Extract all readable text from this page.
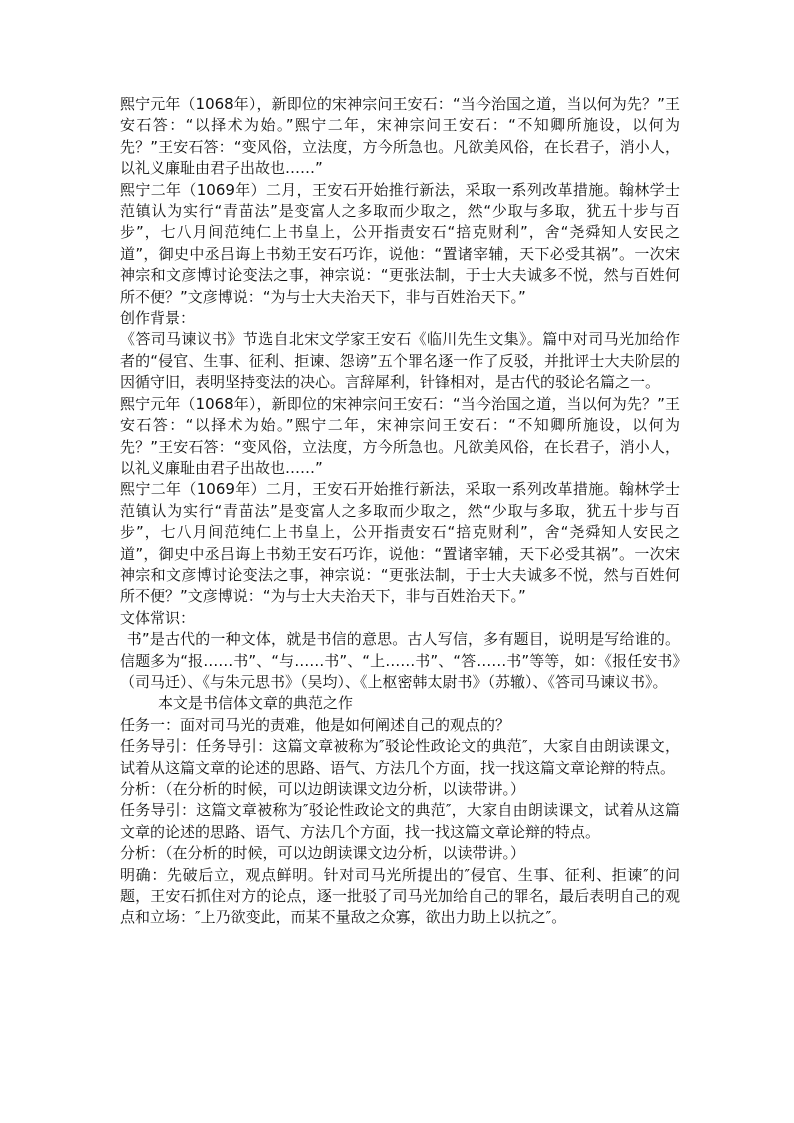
熙宁元年（1068年），新即位的宋神宗问王安石：“当今治国之道，当以何为先？”王安石答：“以择术为始。”熙宁二年，宋神宗问王安石：“不知卿所施设，以何为先？”王安石答：“变风俗，立法度，方今所急也。凡欲美风俗，在长君子，消小人，以礼义廉耻由君子出故也……”

熙宁二年（1069年）二月，王安石开始推行新法，采取一系列改革措施。翰林学士范镇认为实行“青苗法”是变富人之多取而少取之，然“少取与多取，犹五十步与百步”，七八月间范纯仁上书皇上，公开指责安石“掊克财利”，舍“尧舜知人安民之道”，御史中丞吕诲上书劾王安石巧诈，说他：“置诸宰辅，天下必受其祸”。一次宋神宗和文彦博讨论变法之事，神宗说：“更张法制，于士大夫诚多不悦，然与百姓何所不便？”文彦博说：“为与士大夫治天下，非与百姓治天下。”

创作背景：

《答司马谏议书》节选自北宋文学家王安石《临川先生文集》。篇中对司马光加给作者的“侵官、生事、征利、拒谏、怨谤”五个罪名逐一作了反驳，并批评士大夫阶层的因循守旧，表明坚持变法的决心。言辞犀利，针锋相对，是古代的驳论名篇之一。

熙宁元年（1068年），新即位的宋神宗问王安石：“当今治国之道，当以何为先？”王安石答：“以择术为始。”熙宁二年，宋神宗问王安石：“不知卿所施设，以何为先？”王安石答：“变风俗，立法度，方今所急也。凡欲美风俗，在长君子，消小人，以礼义廉耻由君子出故也……”

熙宁二年（1069年）二月，王安石开始推行新法，采取一系列改革措施。翰林学士范镇认为实行“青苗法”是变富人之多取而少取之，然“少取与多取，犹五十步与百步”，七八月间范纯仁上书皇上，公开指责安石“掊克财利”，舍“尧舜知人安民之道”，御史中丞吕诲上书劾王安石巧诈，说他：“置诸宰辅，天下必受其祸”。一次宋神宗和文彦博讨论变法之事，神宗说：“更张法制，于士大夫诚多不悦，然与百姓何所不便？”文彦博说：“为与士大夫治天下，非与百姓治天下。”

文体常识：

书”是古代的一种文体，就是书信的意思。古人写信，多有题目，说明是写给谁的。信题多为“报……书”、“与……书”、“上……书”、“答……书”等等，如：《报任安书》（司马迁）、《与朱元思书》（吴均）、《上枢密韩太尉书》（苏辙）、《答司马谏议书》。

本文是书信体文章的典范之作

任务一：面对司马光的责难，他是如何阐述自己的观点的？

任务导引：任务导引：这篇文章被称为″驳论性政论文的典范″，大家自由朗读课文，试着从这篇文章的论述的思路、语气、方法几个方面，找一找这篇文章论辩的特点。

分析：（在分析的时候，可以边朗读课文边分析，以读带讲。）

任务导引：这篇文章被称为″驳论性政论文的典范″，大家自由朗读课文，试着从这篇文章的论述的思路、语气、方法几个方面，找一找这篇文章论辩的特点。

分析：（在分析的时候，可以边朗读课文边分析，以读带讲。）

明确：先破后立，观点鲜明。针对司马光所提出的″侵官、生事、征利、拒谏″的问题，王安石抓住对方的论点，逐一批驳了司马光加给自己的罪名，最后表明自己的观点和立场：″上乃欲变此，而某不量敌之众寡，欲出力助上以抗之″。
